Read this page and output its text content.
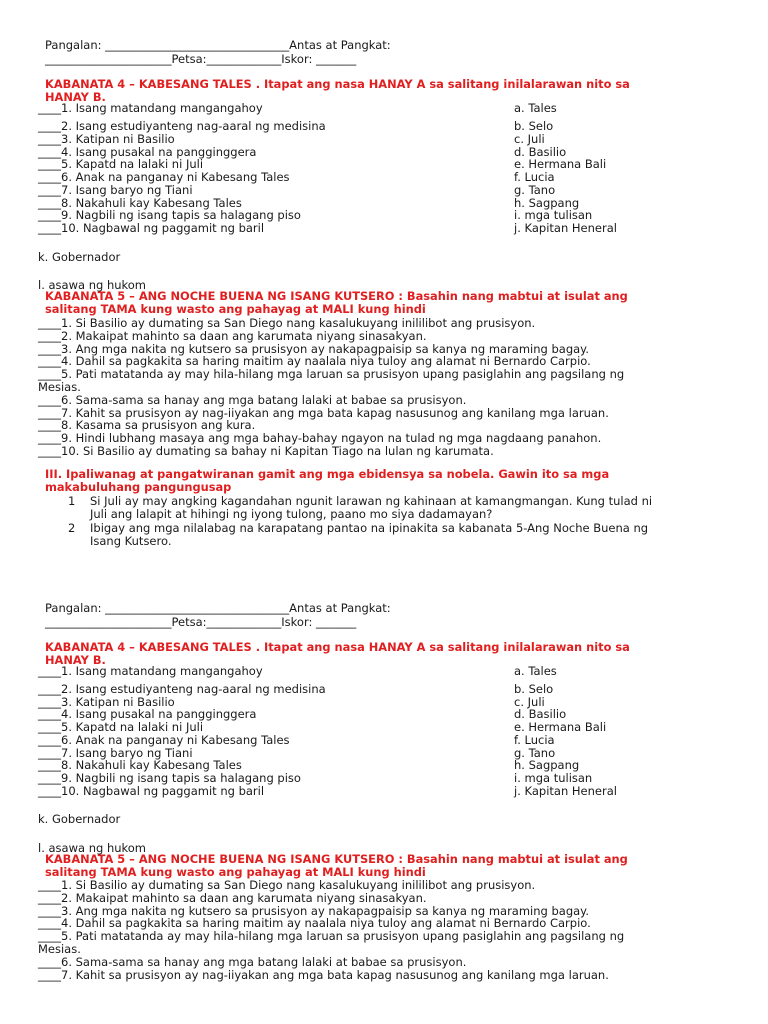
Pangalan: ________________________________Antas at Pangkat:
______________________Petsa:_____________Iskor: _______
KABANATA 4 – KABESANG TALES . Itapat ang nasa HANAY A sa salitang inilalarawan nito sa
HANAY B.
____1. Isang matandang mangangahoy	a. Tales
____2. Isang estudiyanteng nag-aaral ng medisina	b. Selo
____3. Katipan ni Basilio	c. Juli
____4. Isang pusakal na pangginggera	d. Basilio
____5. Kapatd na lalaki ni Juli	e. Hermana Bali
____6. Anak na panganay ni Kabesang Tales	f. Lucia
____7. Isang baryo ng Tiani	g. Tano
____8. Nakahuli kay Kabesang Tales	h. Sagpang
____9. Nagbili ng isang tapis sa halagang piso	i. mga tulisan
____10. Nagbawal ng paggamit ng baril	j. Kapitan Heneral
k. Gobernador
l. asawa ng hukom
KABANATA 5 – ANG NOCHE BUENA NG ISANG KUTSERO : Basahin nang mabtui at isulat ang
salitang TAMA kung wasto ang pahayag at MALI kung hindi
____1. Si Basilio ay dumating sa San Diego nang kasalukuyang inililibot ang prusisyon.
____2. Makaipat mahinto sa daan ang karumata niyang sinasakyan.
____3. Ang mga nakita ng kutsero sa prusisyon ay nakapagpaisip sa kanya ng maraming bagay.
____4. Dahil sa pagkakita sa haring maitim ay naalala niya tuloy ang alamat ni Bernardo Carpio.
____5. Pati matatanda ay may hila-hilang mga laruan sa prusisyon upang pasiglahin ang pagsilang ng
Mesias.
____6. Sama-sama sa hanay ang mga batang lalaki at babae sa prusisyon.
____7. Kahit sa prusisyon ay nag-iiyakan ang mga bata kapag nasusunog ang kanilang mga laruan.
____8. Kasama sa prusisyon ang kura.
____9. Hindi lubhang masaya ang mga bahay-bahay ngayon na tulad ng mga nagdaang panahon.
____10. Si Basilio ay dumating sa bahay ni Kapitan Tiago na lulan ng karumata.
III. Ipaliwanag at pangatwiranan gamit ang mga ebidensya sa nobela. Gawin ito sa mga
makabuluhang pangungusap
1 Si Juli ay may angking kagandahan ngunit larawan ng kahinaan at kamangmangan. Kung tulad ni
Juli ang lalapit at hihingi ng iyong tulong, paano mo siya dadamayan?
2 Ibigay ang mga nilalabag na karapatang pantao na ipinakita sa kabanata 5-Ang Noche Buena ng
Isang Kutsero.
Pangalan: ________________________________Antas at Pangkat:
______________________Petsa:_____________Iskor: _______
KABANATA 4 – KABESANG TALES . Itapat ang nasa HANAY A sa salitang inilalarawan nito sa
HANAY B.
____1. Isang matandang mangangahoy	a. Tales
____2. Isang estudiyanteng nag-aaral ng medisina	b. Selo
____3. Katipan ni Basilio	c. Juli
____4. Isang pusakal na pangginggera	d. Basilio
____5. Kapatd na lalaki ni Juli	e. Hermana Bali
____6. Anak na panganay ni Kabesang Tales	f. Lucia
____7. Isang baryo ng Tiani	g. Tano
____8. Nakahuli kay Kabesang Tales	h. Sagpang
____9. Nagbili ng isang tapis sa halagang piso	i. mga tulisan
____10. Nagbawal ng paggamit ng baril	j. Kapitan Heneral
k. Gobernador
l. asawa ng hukom
KABANATA 5 – ANG NOCHE BUENA NG ISANG KUTSERO : Basahin nang mabtui at isulat ang
salitang TAMA kung wasto ang pahayag at MALI kung hindi
____1. Si Basilio ay dumating sa San Diego nang kasalukuyang inililibot ang prusisyon.
____2. Makaipat mahinto sa daan ang karumata niyang sinasakyan.
____3. Ang mga nakita ng kutsero sa prusisyon ay nakapagpaisip sa kanya ng maraming bagay.
____4. Dahil sa pagkakita sa haring maitim ay naalala niya tuloy ang alamat ni Bernardo Carpio.
____5. Pati matatanda ay may hila-hilang mga laruan sa prusisyon upang pasiglahin ang pagsilang ng
Mesias.
____6. Sama-sama sa hanay ang mga batang lalaki at babae sa prusisyon.
____7. Kahit sa prusisyon ay nag-iiyakan ang mga bata kapag nasusunog ang kanilang mga laruan.
